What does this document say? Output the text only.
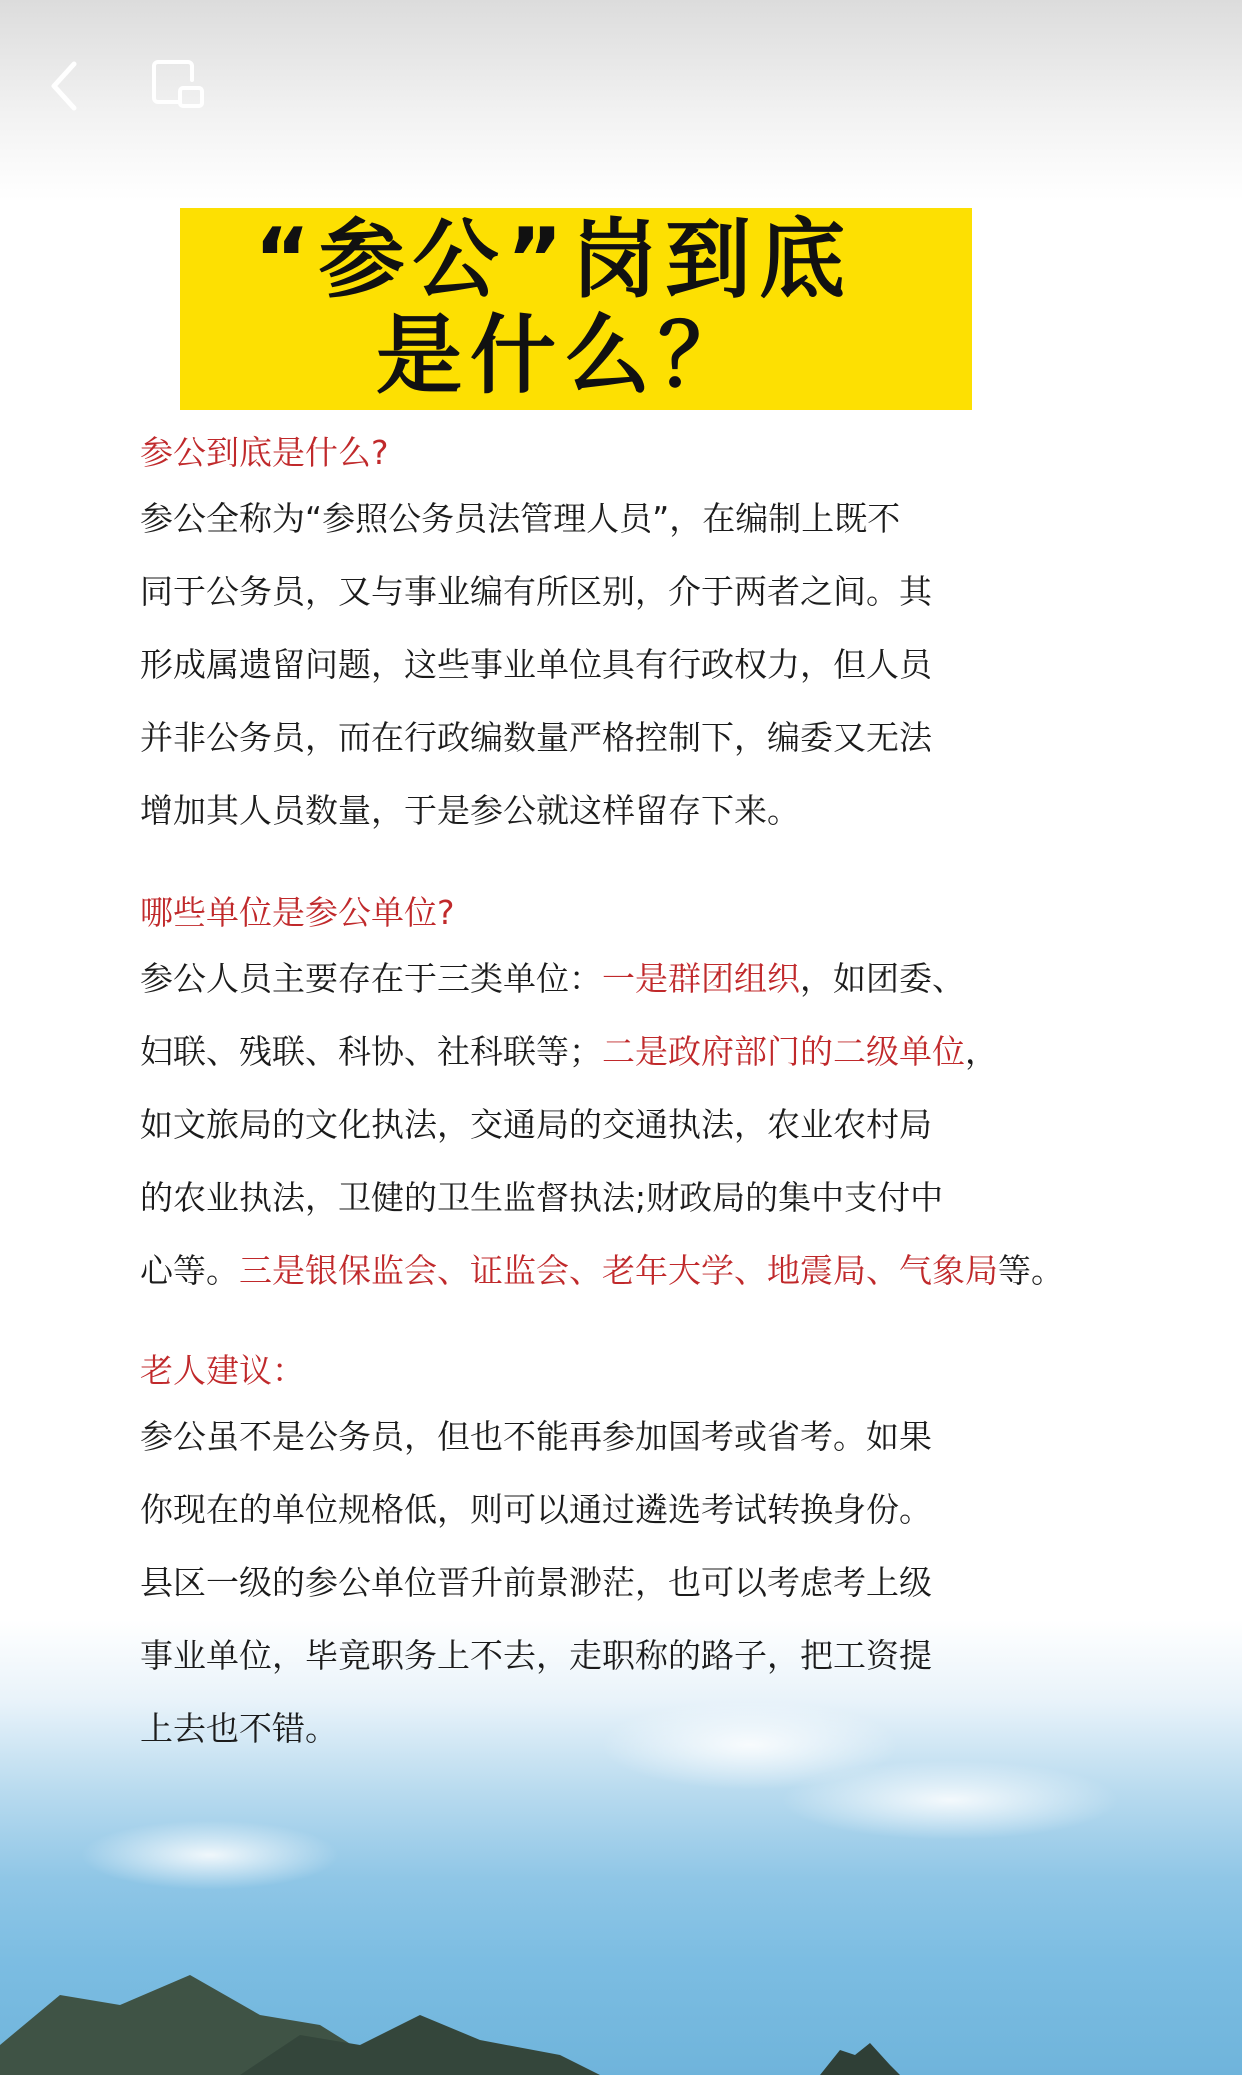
“参公”岗到底
是什么？
参公到底是什么?
参公全称为“参照公务员法管理人员”，在编制上既不
同于公务员，又与事业编有所区别，介于两者之间。其
形成属遗留问题，这些事业单位具有行政权力，但人员
并非公务员，而在行政编数量严格控制下，编委又无法
增加其人员数量，于是参公就这样留存下来。
哪些单位是参公单位?
参公人员主要存在于三类单位：一是群团组织，如团委、
妇联、残联、科协、社科联等；二是政府部门的二级单位，
如文旅局的文化执法，交通局的交通执法，农业农村局
的农业执法，卫健的卫生监督执法;财政局的集中支付中
心等。三是银保监会、证监会、老年大学、地震局、气象局等。
老人建议：
参公虽不是公务员，但也不能再参加国考或省考。如果
你现在的单位规格低，则可以通过遴选考试转换身份。
县区一级的参公单位晋升前景渺茫，也可以考虑考上级
事业单位，毕竟职务上不去，走职称的路子，把工资提
上去也不错。
